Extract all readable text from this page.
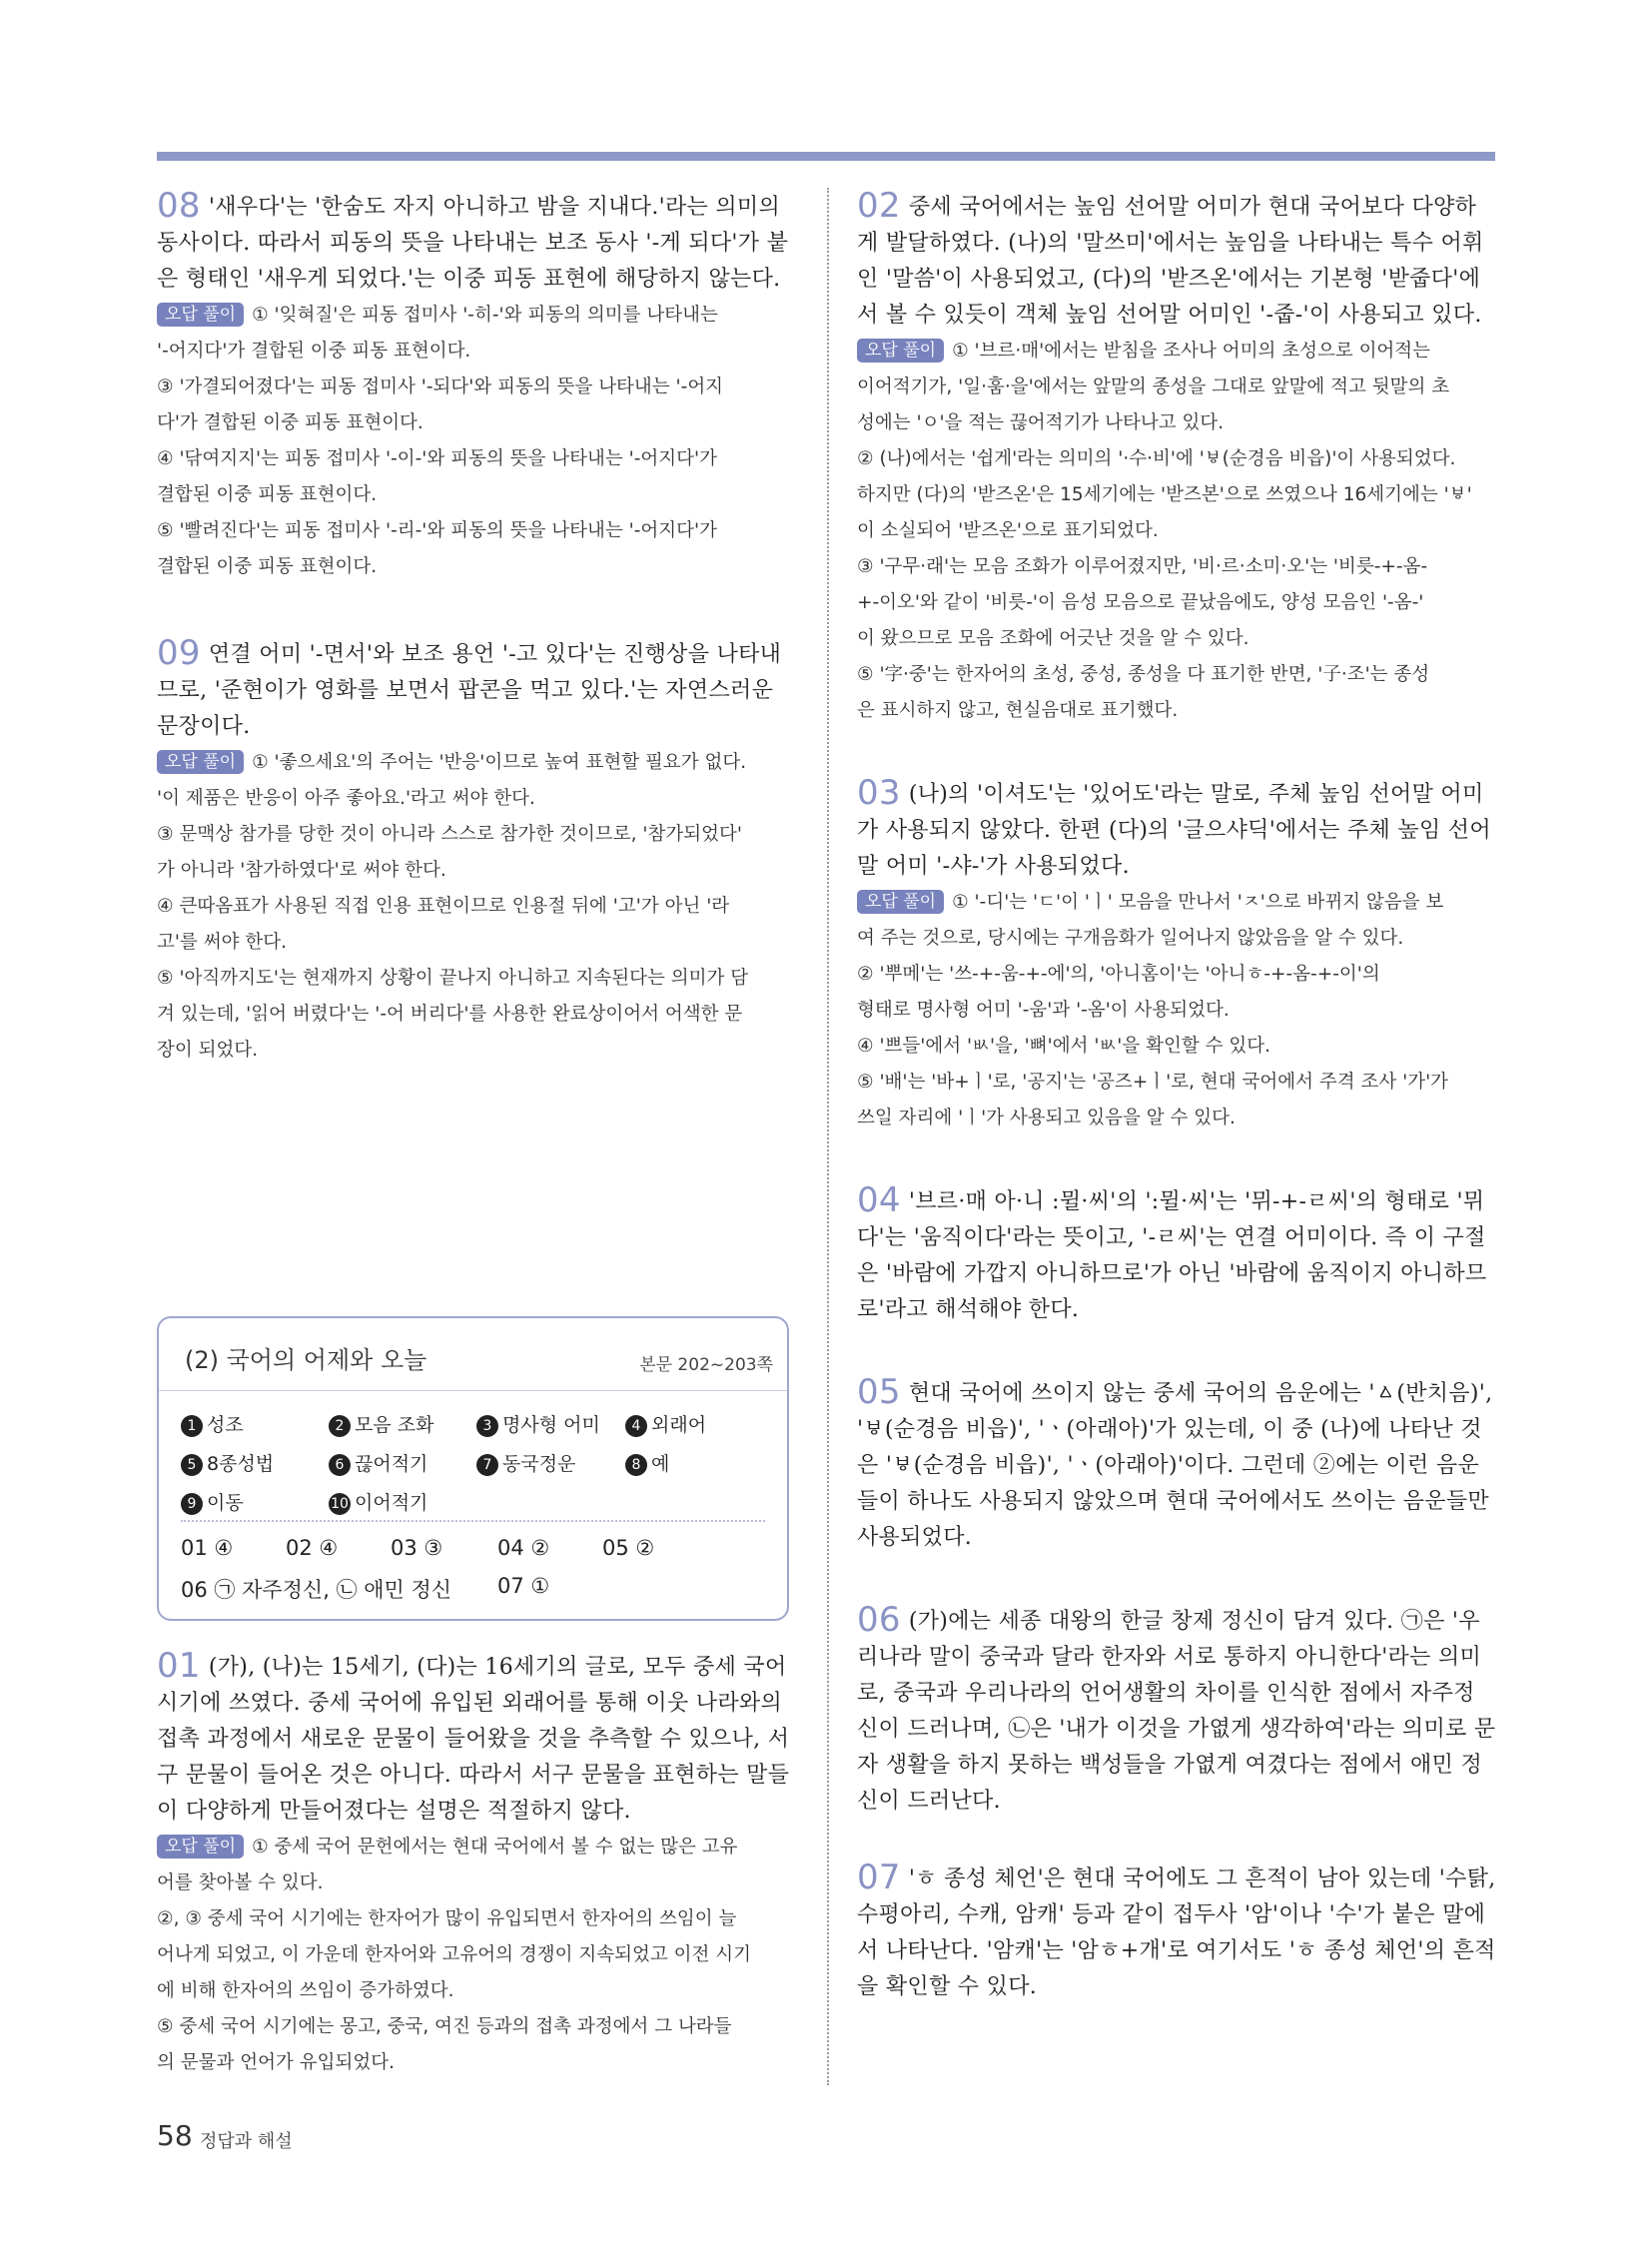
08 '새우다'는 '한숨도 자지 아니하고 밤을 지내다.'라는 의미의 동사이다. 따라서 피동의 뜻을 나타내는 보조 동사 '-게 되다'가 붙은 형태인 '새우게 되었다.'는 이중 피동 표현에 해당하지 않는다.

오답 풀이 ① '잊혀질'은 피동 접미사 '-히-'와 피동의 의미를 나타내는

'-어지다'가 결합된 이중 피동 표현이다.

③ '가결되어졌다'는 피동 접미사 '-되다'와 피동의 뜻을 나타내는 '-어지

다'가 결합된 이중 피동 표현이다.

④ '닦여지지'는 피동 접미사 '-이-'와 피동의 뜻을 나타내는 '-어지다'가

결합된 이중 피동 표현이다.

⑤ '빨려진다'는 피동 접미사 '-리-'와 피동의 뜻을 나타내는 '-어지다'가

결합된 이중 피동 표현이다.

09 연결 어미 '-면서'와 보조 용언 '-고 있다'는 진행상을 나타내므로, '준현이가 영화를 보면서 팝콘을 먹고 있다.'는 자연스러운 문장이다.

오답 풀이 ① '좋으세요'의 주어는 '반응'이므로 높여 표현할 필요가 없다.

'이 제품은 반응이 아주 좋아요.'라고 써야 한다.

③ 문맥상 참가를 당한 것이 아니라 스스로 참가한 것이므로, '참가되었다'

가 아니라 '참가하였다'로 써야 한다.

④ 큰따옴표가 사용된 직접 인용 표현이므로 인용절 뒤에 '고'가 아닌 '라

고'를 써야 한다.

⑤ '아직까지도'는 현재까지 상황이 끝나지 아니하고 지속된다는 의미가 담

겨 있는데, '읽어 버렸다'는 '-어 버리다'를 사용한 완료상이어서 어색한 문

장이 되었다.

(2) 국어의 어제와 오늘	본문 202~203쪽
1 성조	2 모음 조화	3 명사형 어미	4 외래어
5 8종성법	6 끊어적기	7 동국정운	8 예
9 이동	10 이어적기
01 ④	02 ④	03 ③	04 ②	05 ②
06 ㉠ 자주정신, ㉡ 애민 정신 07 ①

01 (가), (나)는 15세기, (다)는 16세기의 글로, 모두 중세 국어 시기에 쓰였다. 중세 국어에 유입된 외래어를 통해 이웃 나라와의 접촉 과정에서 새로운 문물이 들어왔을 것을 추측할 수 있으나, 서구 문물이 들어온 것은 아니다. 따라서 서구 문물을 표현하는 말들이 다양하게 만들어졌다는 설명은 적절하지 않다.

오답 풀이 ① 중세 국어 문헌에서는 현대 국어에서 볼 수 없는 많은 고유

어를 찾아볼 수 있다.

②, ③ 중세 국어 시기에는 한자어가 많이 유입되면서 한자어의 쓰임이 늘

어나게 되었고, 이 가운데 한자어와 고유어의 경쟁이 지속되었고 이전 시기

에 비해 한자어의 쓰임이 증가하였다.

⑤ 중세 국어 시기에는 몽고, 중국, 여진 등과의 접촉 과정에서 그 나라들

의 문물과 언어가 유입되었다.

02 중세 국어에서는 높임 선어말 어미가 현대 국어보다 다양하게 발달하였다. (나)의 '말쓰미'에서는 높임을 나타내는 특수 어휘인 '말씀'이 사용되었고, (다)의 '받즈온'에서는 기본형 '받줍다'에서 볼 수 있듯이 객체 높임 선어말 어미인 '-줍-'이 사용되고 있다.

오답 풀이 ① '브르·매'에서는 받침을 조사나 어미의 초성으로 이어적는

이어적기가, '일·훔·을'에서는 앞말의 종성을 그대로 앞말에 적고 뒷말의 초

성에는 'ㅇ'을 적는 끊어적기가 나타나고 있다.

② (나)에서는 '쉽게'라는 의미의 '·수·비'에 'ㅸ(순경음 비읍)'이 사용되었다.

하지만 (다)의 '받즈온'은 15세기에는 '받즈본'으로 쓰였으나 16세기에는 'ㅸ'

이 소실되어 '받즈온'으로 표기되었다.

③ '구무·래'는 모음 조화가 이루어졌지만, '비·르·소미·오'는 '비릇-+-옴-

+-이오'와 같이 '비릇-'이 음성 모음으로 끝났음에도, 양성 모음인 '-옴-'

이 왔으므로 모음 조화에 어긋난 것을 알 수 있다.

⑤ '字·중'는 한자어의 초성, 중성, 종성을 다 표기한 반면, '子·조'는 종성

은 표시하지 않고, 현실음대로 표기했다.

03 (나)의 '이셔도'는 '있어도'라는 말로, 주체 높임 선어말 어미가 사용되지 않았다. 한편 (다)의 '글으샤딕'에서는 주체 높임 선어말 어미 '-샤-'가 사용되었다.

오답 풀이 ① '-디'는 'ㄷ'이 'ㅣ' 모음을 만나서 'ㅈ'으로 바뀌지 않음을 보

여 주는 것으로, 당시에는 구개음화가 일어나지 않았음을 알 수 있다.

② '뿌메'는 '쓰-+-움-+-에'의, '아니홈이'는 '아니ㅎ-+-옴-+-이'의

형태로 명사형 어미 '-움'과 '-옴'이 사용되었다.

④ '쁘들'에서 'ㅄ'을, '뼈'에서 'ㅄ'을 확인할 수 있다.

⑤ '배'는 '바+ㅣ'로, '공지'는 '공즈+ㅣ'로, 현대 국어에서 주격 조사 '가'가

쓰일 자리에 'ㅣ'가 사용되고 있음을 알 수 있다.

04 '브르·매 아·니 :뮐·씨'의 ':뮐·씨'는 '뮈-+-ㄹ씨'의 형태로 '뮈다'는 '움직이다'라는 뜻이고, '-ㄹ씨'는 연결 어미이다. 즉 이 구절은 '바람에 가깝지 아니하므로'가 아닌 '바람에 움직이지 아니하므로'라고 해석해야 한다.

05 현대 국어에 쓰이지 않는 중세 국어의 음운에는 'ㅿ(반치음)', 'ㅸ(순경음 비읍)', 'ㆍ(아래아)'가 있는데, 이 중 (나)에 나타난 것은 'ㅸ(순경음 비읍)', 'ㆍ(아래아)'이다. 그런데 ②에는 이런 음운들이 하나도 사용되지 않았으며 현대 국어에서도 쓰이는 음운들만 사용되었다.

06 (가)에는 세종 대왕의 한글 창제 정신이 담겨 있다. ㉠은 '우리나라 말이 중국과 달라 한자와 서로 통하지 아니한다'라는 의미로, 중국과 우리나라의 언어생활의 차이를 인식한 점에서 자주정신이 드러나며, ㉡은 '내가 이것을 가엾게 생각하여'라는 의미로 문자 생활을 하지 못하는 백성들을 가엾게 여겼다는 점에서 애민 정신이 드러난다.

07 'ㅎ 종성 체언'은 현대 국어에도 그 흔적이 남아 있는데 '수탉, 수평아리, 수캐, 암캐' 등과 같이 접두사 '암'이나 '수'가 붙은 말에서 나타난다. '암캐'는 '암ㅎ+개'로 여기서도 'ㅎ 종성 체언'의 흔적을 확인할 수 있다.

58 정답과 해설
